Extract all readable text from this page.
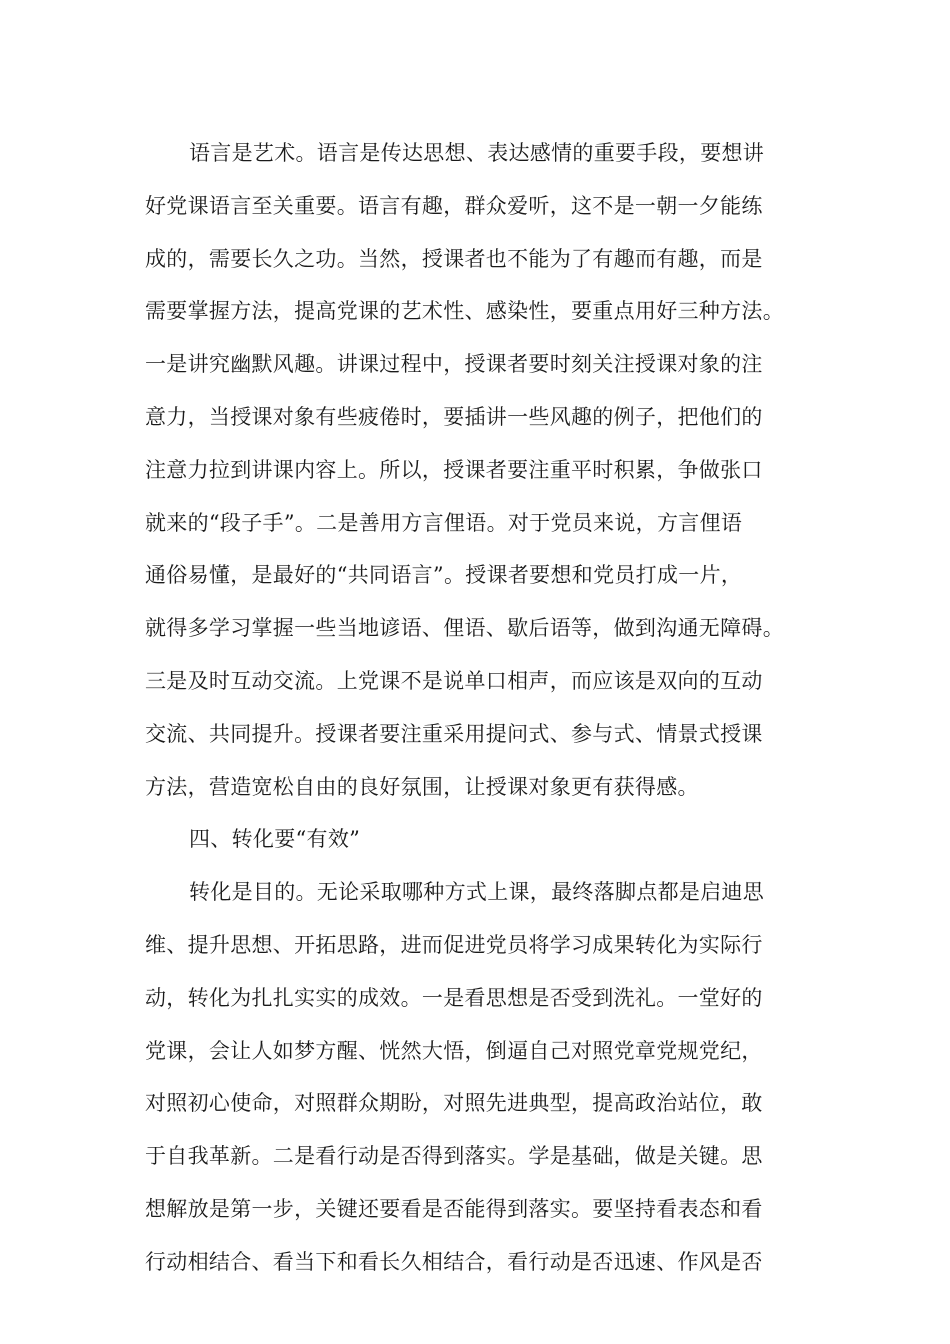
语言是艺术。语言是传达思想、表达感情的重要手段，要想讲
好党课语言至关重要。语言有趣，群众爱听，这不是一朝一夕能练
成的，需要长久之功。当然，授课者也不能为了有趣而有趣，而是
需要掌握方法，提高党课的艺术性、感染性，要重点用好三种方法。
一是讲究幽默风趣。讲课过程中，授课者要时刻关注授课对象的注
意力，当授课对象有些疲倦时，要插讲一些风趣的例子，把他们的
注意力拉到讲课内容上。所以，授课者要注重平时积累，争做张口
就来的“段子手”。二是善用方言俚语。对于党员来说，方言俚语
通俗易懂，是最好的“共同语言”。授课者要想和党员打成一片，
就得多学习掌握一些当地谚语、俚语、歇后语等，做到沟通无障碍。
三是及时互动交流。上党课不是说单口相声，而应该是双向的互动
交流、共同提升。授课者要注重采用提问式、参与式、情景式授课
方法，营造宽松自由的良好氛围，让授课对象更有获得感。
四、转化要“有效”
转化是目的。无论采取哪种方式上课，最终落脚点都是启迪思
维、提升思想、开拓思路，进而促进党员将学习成果转化为实际行
动，转化为扎扎实实的成效。一是看思想是否受到洗礼。一堂好的
党课，会让人如梦方醒、恍然大悟，倒逼自己对照党章党规党纪，
对照初心使命，对照群众期盼，对照先进典型，提高政治站位，敢
于自我革新。二是看行动是否得到落实。学是基础，做是关键。思
想解放是第一步，关键还要看是否能得到落实。要坚持看表态和看
行动相结合、看当下和看长久相结合，看行动是否迅速、作风是否
